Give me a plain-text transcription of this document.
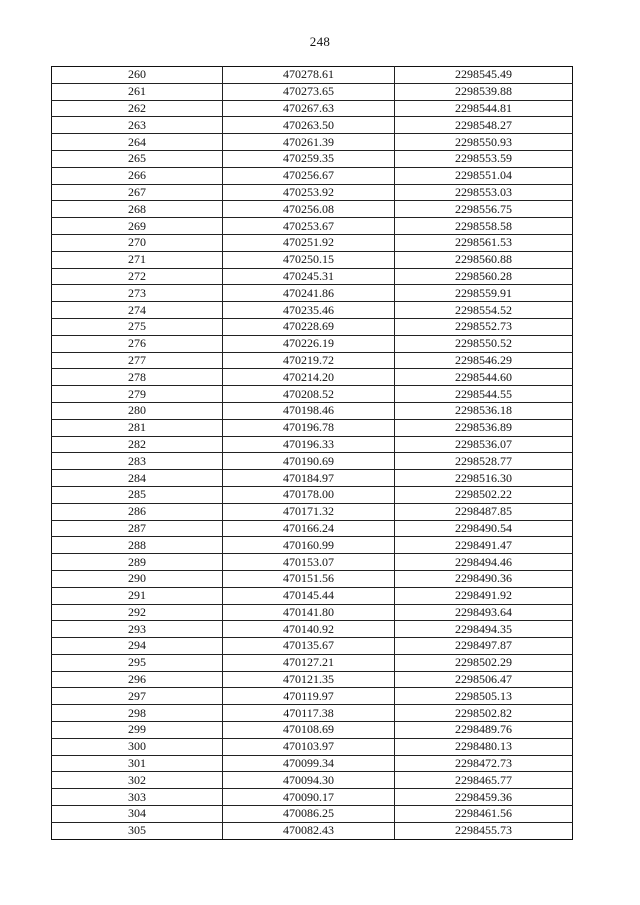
248
260	470278.61	2298545.49
261	470273.65	2298539.88
262	470267.63	2298544.81
263	470263.50	2298548.27
264	470261.39	2298550.93
265	470259.35	2298553.59
266	470256.67	2298551.04
267	470253.92	2298553.03
268	470256.08	2298556.75
269	470253.67	2298558.58
270	470251.92	2298561.53
271	470250.15	2298560.88
272	470245.31	2298560.28
273	470241.86	2298559.91
274	470235.46	2298554.52
275	470228.69	2298552.73
276	470226.19	2298550.52
277	470219.72	2298546.29
278	470214.20	2298544.60
279	470208.52	2298544.55
280	470198.46	2298536.18
281	470196.78	2298536.89
282	470196.33	2298536.07
283	470190.69	2298528.77
284	470184.97	2298516.30
285	470178.00	2298502.22
286	470171.32	2298487.85
287	470166.24	2298490.54
288	470160.99	2298491.47
289	470153.07	2298494.46
290	470151.56	2298490.36
291	470145.44	2298491.92
292	470141.80	2298493.64
293	470140.92	2298494.35
294	470135.67	2298497.87
295	470127.21	2298502.29
296	470121.35	2298506.47
297	470119.97	2298505.13
298	470117.38	2298502.82
299	470108.69	2298489.76
300	470103.97	2298480.13
301	470099.34	2298472.73
302	470094.30	2298465.77
303	470090.17	2298459.36
304	470086.25	2298461.56
305	470082.43	2298455.73
